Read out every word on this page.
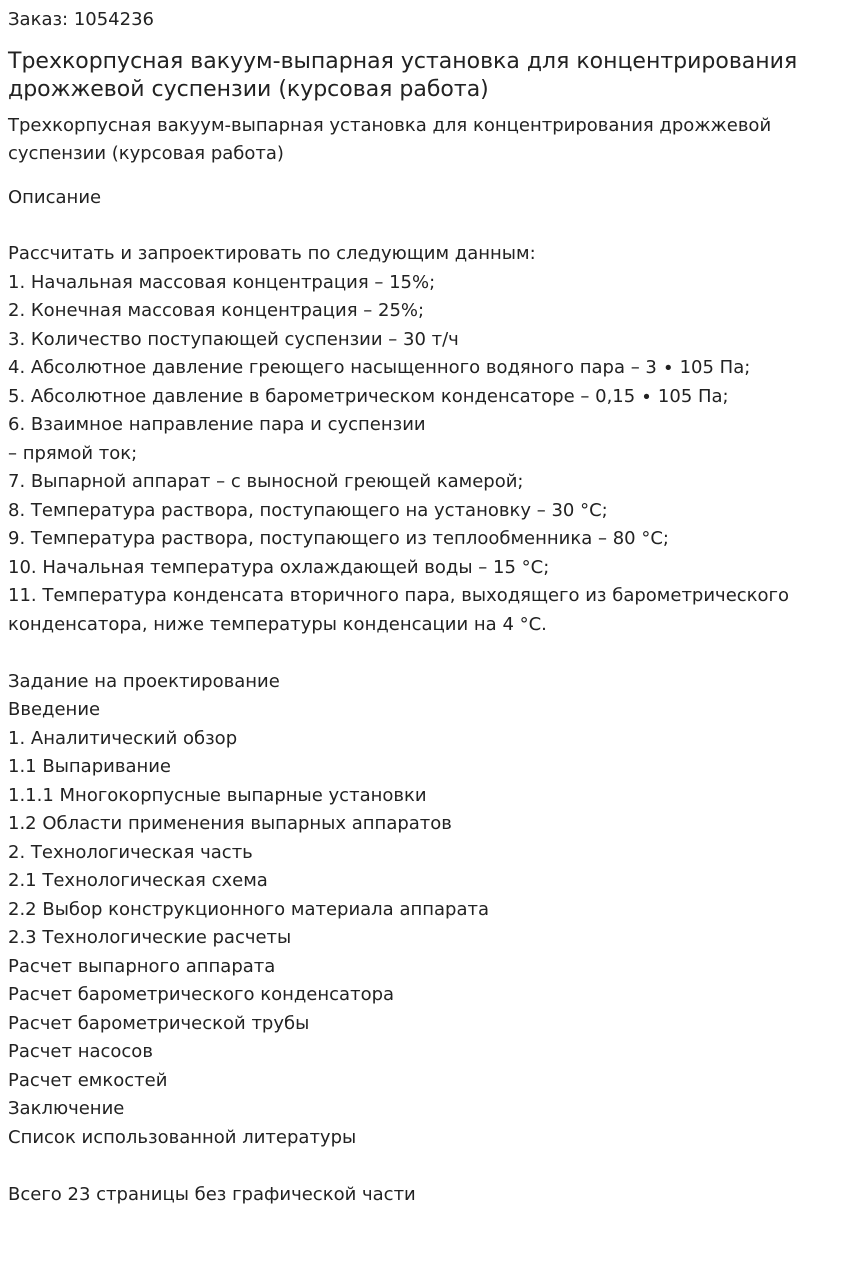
Заказ: 1054236
Трехкорпусная вакуум-выпарная установка для концентрирования дрожжевой суспензии (курсовая работа)
Трехкорпусная вакуум-выпарная установка для концентрирования дрожжевой суспензии (курсовая работа)
Описание
Рассчитать и запроектировать по следующим данным:
1. Начальная массовая концентрация – 15%;
2. Конечная массовая концентрация – 25%;
3. Количество поступающей суспензии – 30 т/ч
4. Абсолютное давление греющего насыщенного водяного пара – 3 ∙ 105 Па;
5. Абсолютное давление в барометрическом конденсаторе – 0,15 ∙ 105 Па;
6. Взаимное направление пара и суспензии
– прямой ток;
7. Выпарной аппарат – с выносной греющей камерой;
8. Температура раствора, поступающего на установку – 30 °С;
9. Температура раствора, поступающего из теплообменника – 80 °С;
10. Начальная температура охлаждающей воды – 15 °С;
11. Температура конденсата вторичного пара, выходящего из барометрического конденсатора, ниже температуры конденсации на 4 °С.
Задание на проектирование
Введение
1. Аналитический обзор
1.1 Выпаривание
1.1.1 Многокорпусные выпарные установки
1.2 Области применения выпарных аппаратов
2. Технологическая часть
2.1 Технологическая схема
2.2 Выбор конструкционного материала аппарата
2.3 Технологические расчеты
Расчет выпарного аппарата
Расчет барометрического конденсатора
Расчет барометрической трубы
Расчет насосов
Расчет емкостей
Заключение
Список использованной литературы
Всего 23 страницы без графической части
